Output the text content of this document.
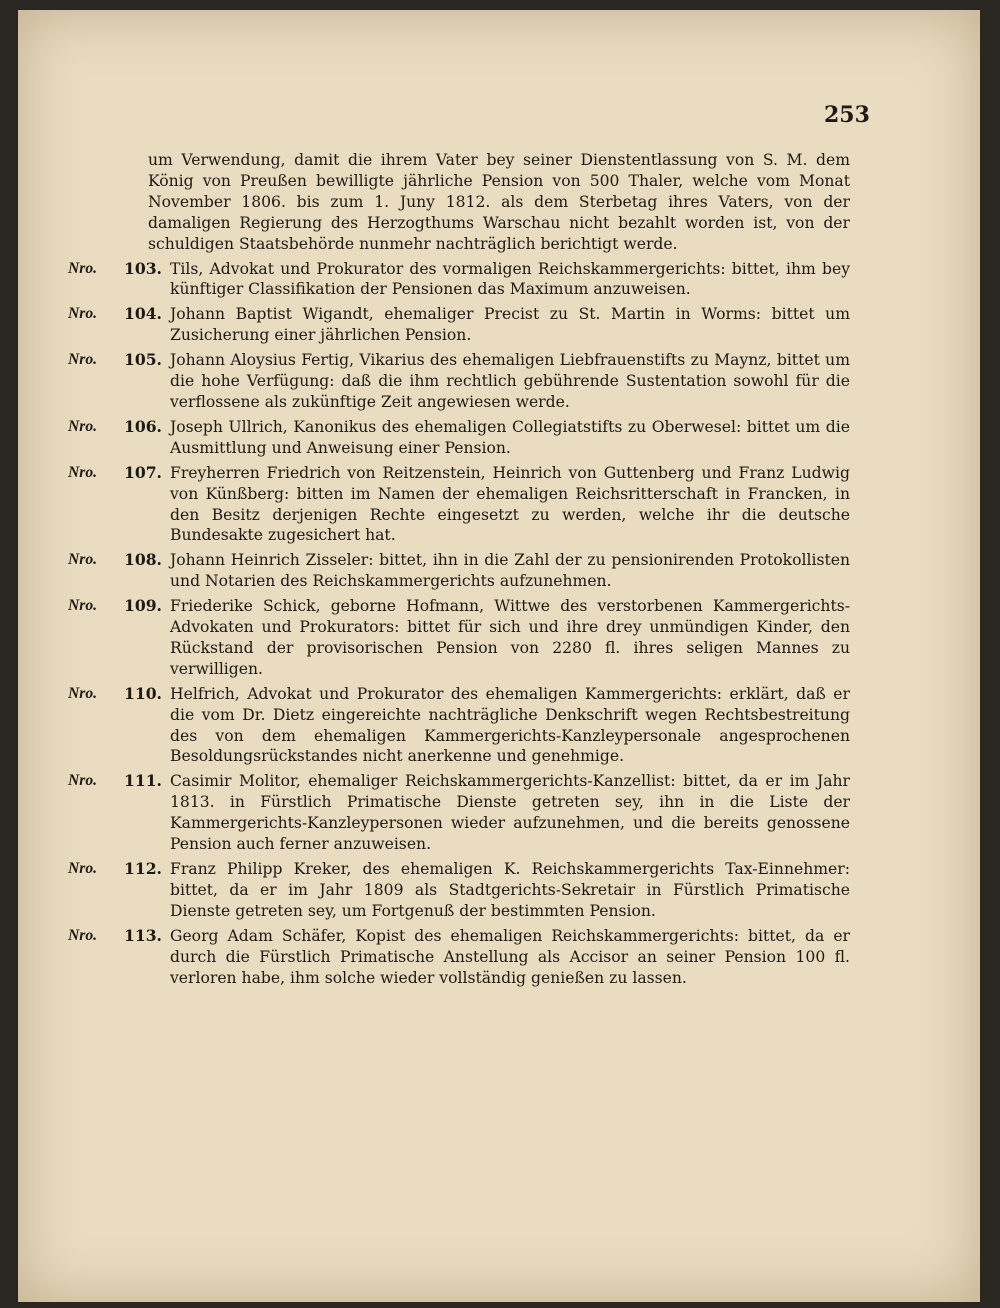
253
um Verwendung, damit die ihrem Vater bey seiner Dienstentlassung von S. M. dem König von Preußen bewilligte jährliche Pension von 500 Thaler, welche vom Monat November 1806. bis zum 1. Juny 1812. als dem Sterbetag ihres Vaters, von der damaligen Regierung des Herzogthums Warschau nicht bezahlt worden ist, von der schuldigen Staatsbehörde nunmehr nachträglich berichtigt werde.
Nro. 103. Tils, Advokat und Prokurator des vormaligen Reichskammergerichts: bittet, ihm bey künftiger Classifikation der Pensionen das Maximum anzuweisen.
Nro. 104. Johann Baptist Wigandt, ehemaliger Precist zu St. Martin in Worms: bittet um Zusicherung einer jährlichen Pension.
Nro. 105. Johann Aloysius Fertig, Vikarius des ehemaligen Liebfrauenstifts zu Maynz, bittet um die hohe Verfügung: daß die ihm rechtlich gebührende Sustentation sowohl für die verflossene als zukünftige Zeit angewiesen werde.
Nro. 106. Joseph Ullrich, Kanonikus des ehemaligen Collegiatstifts zu Oberwesel: bittet um die Ausmittlung und Anweisung einer Pension.
Nro. 107. Freyherren Friedrich von Reitzenstein, Heinrich von Guttenberg und Franz Ludwig von Künßberg: bitten im Namen der ehemaligen Reichsritterschaft in Francken, in den Besitz derjenigen Rechte eingesetzt zu werden, welche ihr die deutsche Bundesakte zugesichert hat.
Nro. 108. Johann Heinrich Zisseler: bittet, ihn in die Zahl der zu pensionirenden Protokollisten und Notarien des Reichskammergerichts aufzunehmen.
Nro. 109. Friederike Schick, geborne Hofmann, Wittwe des verstorbenen Kammergerichts-Advokaten und Prokurators: bittet für sich und ihre drey unmündigen Kinder, den Rückstand der provisorischen Pension von 2280 fl. ihres seligen Mannes zu verwilligen.
Nro. 110. Helfrich, Advokat und Prokurator des ehemaligen Kammergerichts: erklärt, daß er die vom Dr. Dietz eingereichte nachträgliche Denkschrift wegen Rechtsbestreitung des von dem ehemaligen Kammergerichts-Kanzleypersonale angesprochenen Besoldungsrückstandes nicht anerkenne und genehmige.
Nro. 111. Casimir Molitor, ehemaliger Reichskammergerichts-Kanzellist: bittet, da er im Jahr 1813. in Fürstlich Primatische Dienste getreten sey, ihn in die Liste der Kammergerichts-Kanzleypersonen wieder aufzunehmen, und die bereits genossene Pension auch ferner anzuweisen.
Nro. 112. Franz Philipp Kreker, des ehemaligen K. Reichskammergerichts Tax-Einnehmer: bittet, da er im Jahr 1809 als Stadtgerichts-Sekretair in Fürstlich Primatische Dienste getreten sey, um Fortgenuß der bestimmten Pension.
Nro. 113. Georg Adam Schäfer, Kopist des ehemaligen Reichskammergerichts: bittet, da er durch die Fürstlich Primatische Anstellung als Accisor an seiner Pension 100 fl. verloren habe, ihm solche wieder vollständig genießen zu lassen.
